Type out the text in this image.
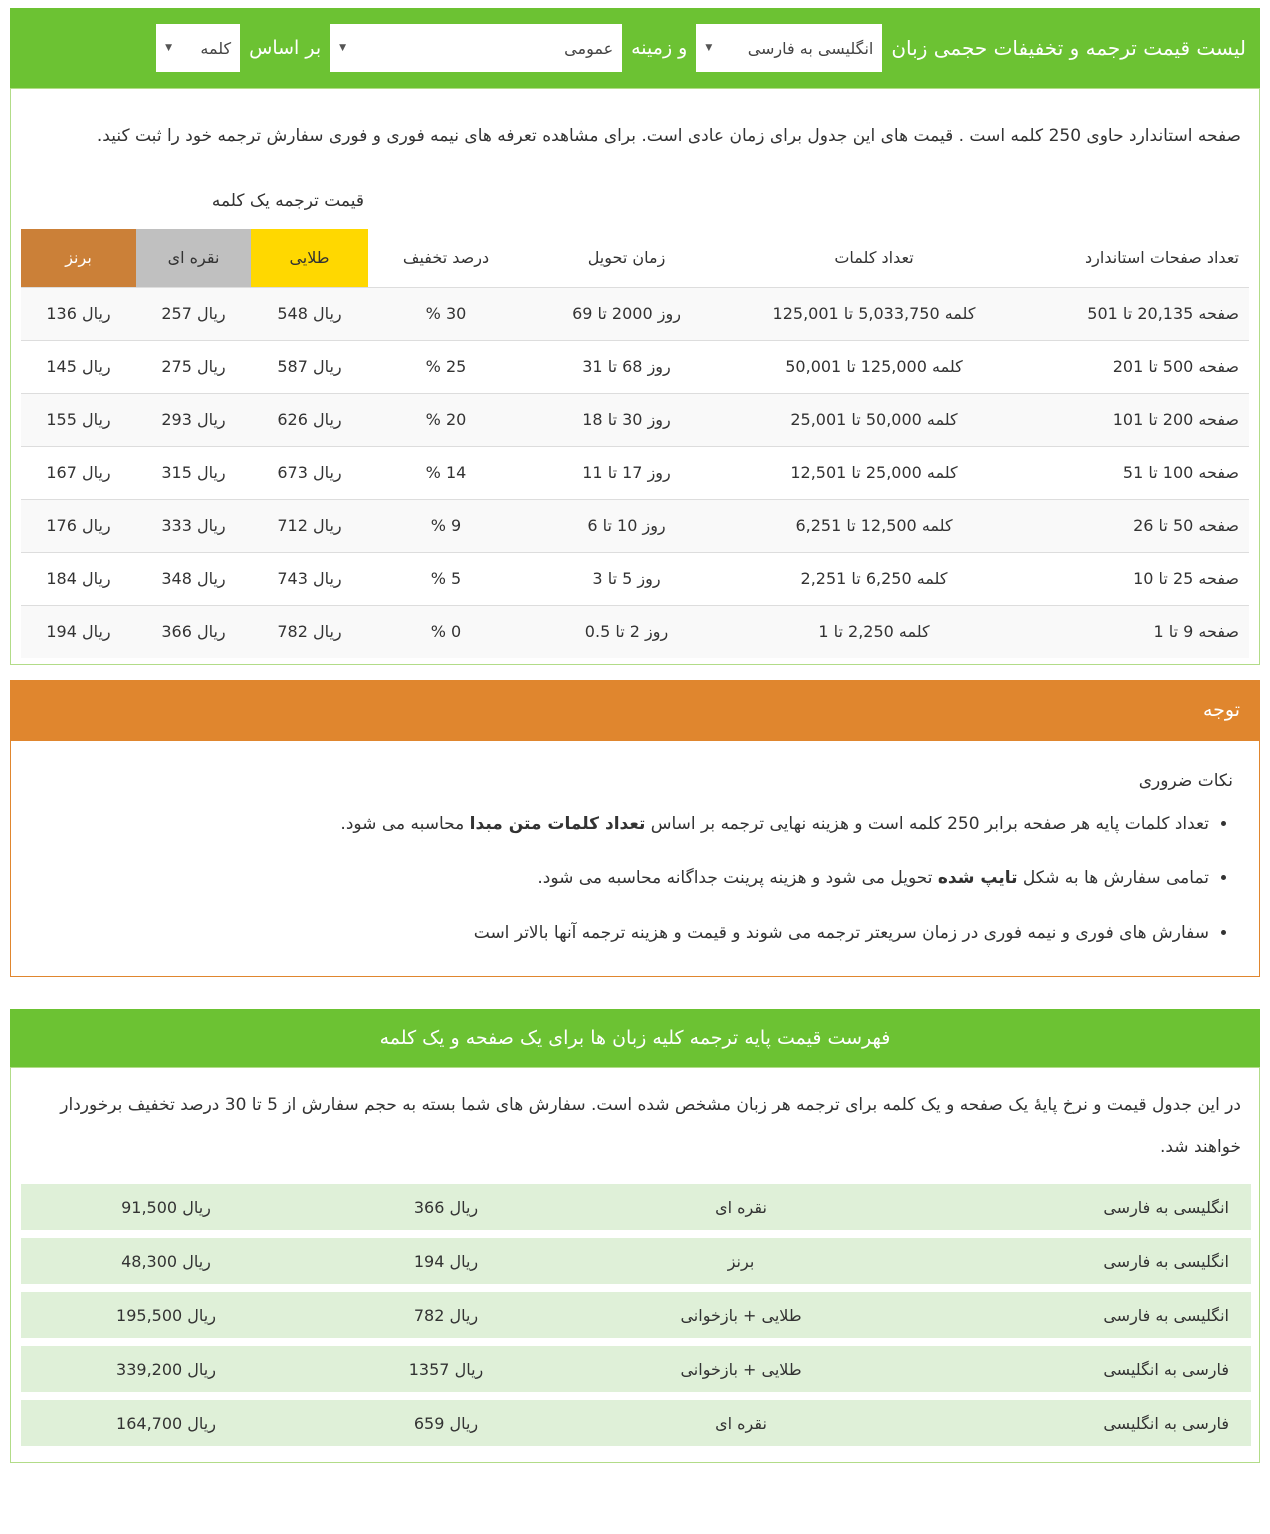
لیست قیمت ترجمه و تخفیفات حجمی زبان
انگلیسی به فارسی
▼
و زمینه
عمومی
▼
بر اساس
کلمه
▼

صفحه استاندارد حاوی 250 کلمه است . قیمت های این جدول برای زمان عادی است. برای مشاهده تعرفه های نیمه فوری و فوری سفارش ترجمه خود را ثبت کنید.

				قیمت ترجمه یک کلمه		
تعداد صفحات استاندارد	تعداد کلمات	زمان تحویل	درصد تخفیف	طلایی	نقره ای	برنز
501 تا‎ 20,135 صفحه	125,001 تا‎ 5,033,750 کلمه	69 تا‎ 2000 روز	% 30	548 ریال	257 ریال	136 ریال
201 تا‎ 500 صفحه	50,001 تا‎ 125,000 کلمه	31 تا‎ 68 روز	% 25	587 ریال	275 ریال	145 ریال
101 تا‎ 200 صفحه	25,001 تا‎ 50,000 کلمه	18 تا‎ 30 روز	% 20	626 ریال	293 ریال	155 ریال
51 تا‎ 100 صفحه	12,501 تا‎ 25,000 کلمه	11 تا‎ 17 روز	% 14	673 ریال	315 ریال	167 ریال
26 تا‎ 50 صفحه	6,251 تا‎ 12,500 کلمه	6 تا‎ 10 روز	% 9	712 ریال	333 ریال	176 ریال
10 تا‎ 25 صفحه	2,251 تا‎ 6,250 کلمه	3 تا‎ 5 روز	% 5	743 ریال	348 ریال	184 ریال
1 تا‎ 9 صفحه	1 تا‎ 2,250 کلمه	0.5 تا‎ 2 روز	% 0	782 ریال	366 ریال	194 ریال
توجه

نکات ضروری

• تعداد کلمات پایه هر صفحه برابر 250 کلمه است و هزینه نهایی ترجمه بر اساس تعداد کلمات متن مبدا محاسبه می شود.
• تمامی سفارش ها به شکل تایپ شده تحویل می شود و هزینه پرینت جداگانه محاسبه می شود.
• سفارش های فوری و نیمه فوری در زمان سریعتر ترجمه می شوند و قیمت و هزینه ترجمه آنها بالاتر است
فهرست قیمت پایه ترجمه کلیه زبان ها برای یک صفحه و یک کلمه

در این جدول قیمت و نرخ پایهٔ یک صفحه و یک کلمه برای ترجمه هر زبان مشخص شده است. سفارش های شما بسته به حجم سفارش از 5 تا 30 درصد تخفیف برخوردار خواهند شد.

انگلیسی به فارسی	نقره ای	366 ریال	91,500 ریال
انگلیسی به فارسی	برنز	194 ریال	48,300 ریال
انگلیسی به فارسی	طلایی + بازخوانی	782 ریال	195,500 ریال
فارسی به انگلیسی	طلایی + بازخوانی	1357 ریال	339,200 ریال
فارسی به انگلیسی	نقره ای	659 ریال	164,700 ریال
